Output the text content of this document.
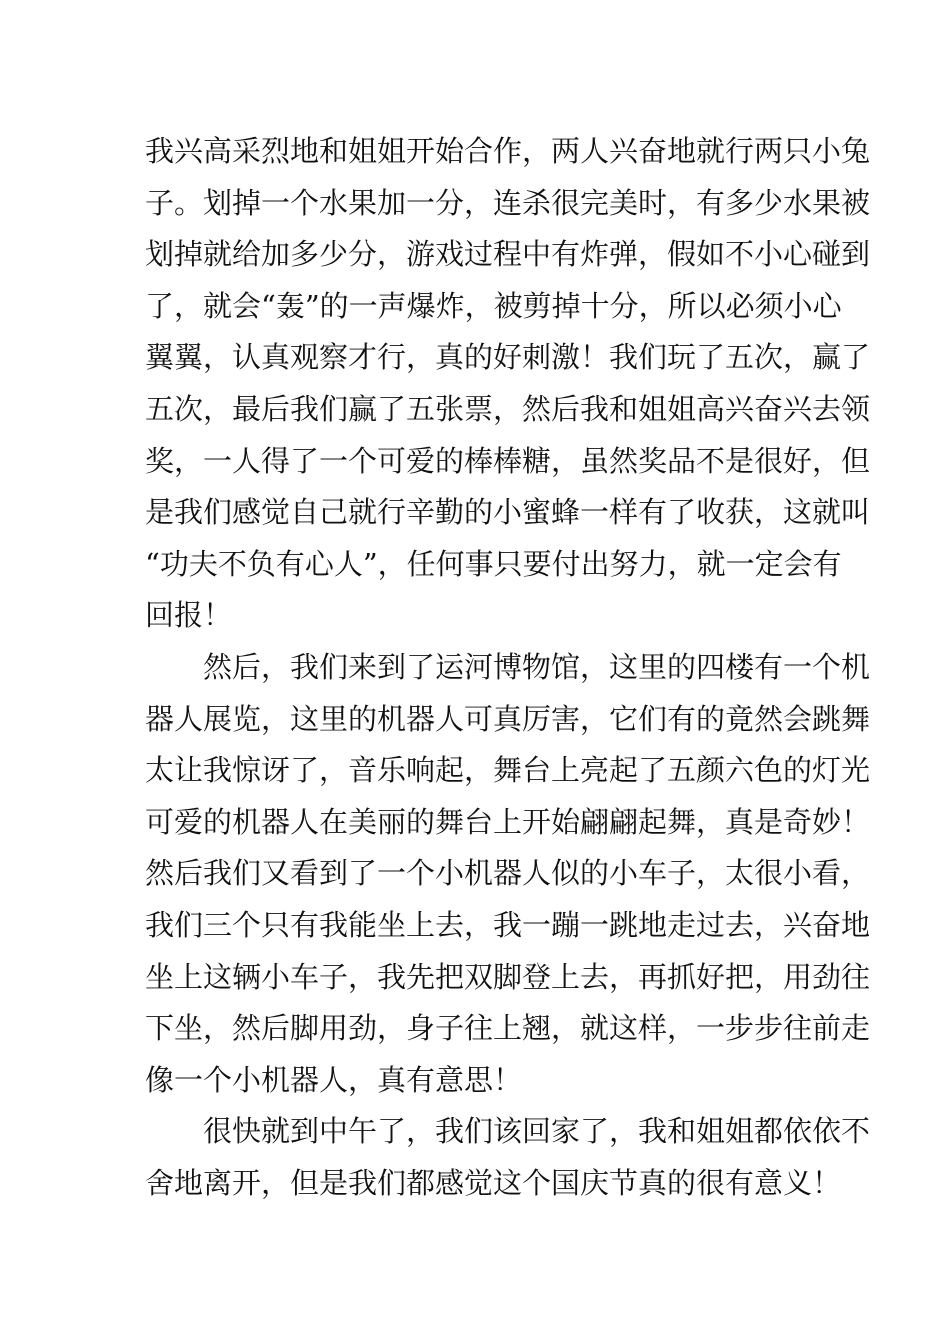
我兴高采烈地和姐姐开始合作，两人兴奋地就行两只小兔
子。划掉一个水果加一分，连杀很完美时，有多少水果被
划掉就给加多少分，游戏过程中有炸弹，假如不小心碰到
了，就会“轰”的一声爆炸，被剪掉十分，所以必须小心
翼翼，认真观察才行，真的好刺激！我们玩了五次，赢了
五次，最后我们赢了五张票，然后我和姐姐高兴奋兴去领
奖，一人得了一个可爱的棒棒糖，虽然奖品不是很好，但
是我们感觉自己就行辛勤的小蜜蜂一样有了收获，这就叫
“功夫不负有心人”，任何事只要付出努力，就一定会有
回报！
然后，我们来到了运河博物馆，这里的四楼有一个机
器人展览，这里的机器人可真厉害，它们有的竟然会跳舞
太让我惊讶了，音乐响起，舞台上亮起了五颜六色的灯光
可爱的机器人在美丽的舞台上开始翩翩起舞，真是奇妙！
然后我们又看到了一个小机器人似的小车子，太很小看，
我们三个只有我能坐上去，我一蹦一跳地走过去，兴奋地
坐上这辆小车子，我先把双脚登上去，再抓好把，用劲往
下坐，然后脚用劲，身子往上翘，就这样，一步步往前走
像一个小机器人，真有意思！
很快就到中午了，我们该回家了，我和姐姐都依依不
舍地离开，但是我们都感觉这个国庆节真的很有意义！
